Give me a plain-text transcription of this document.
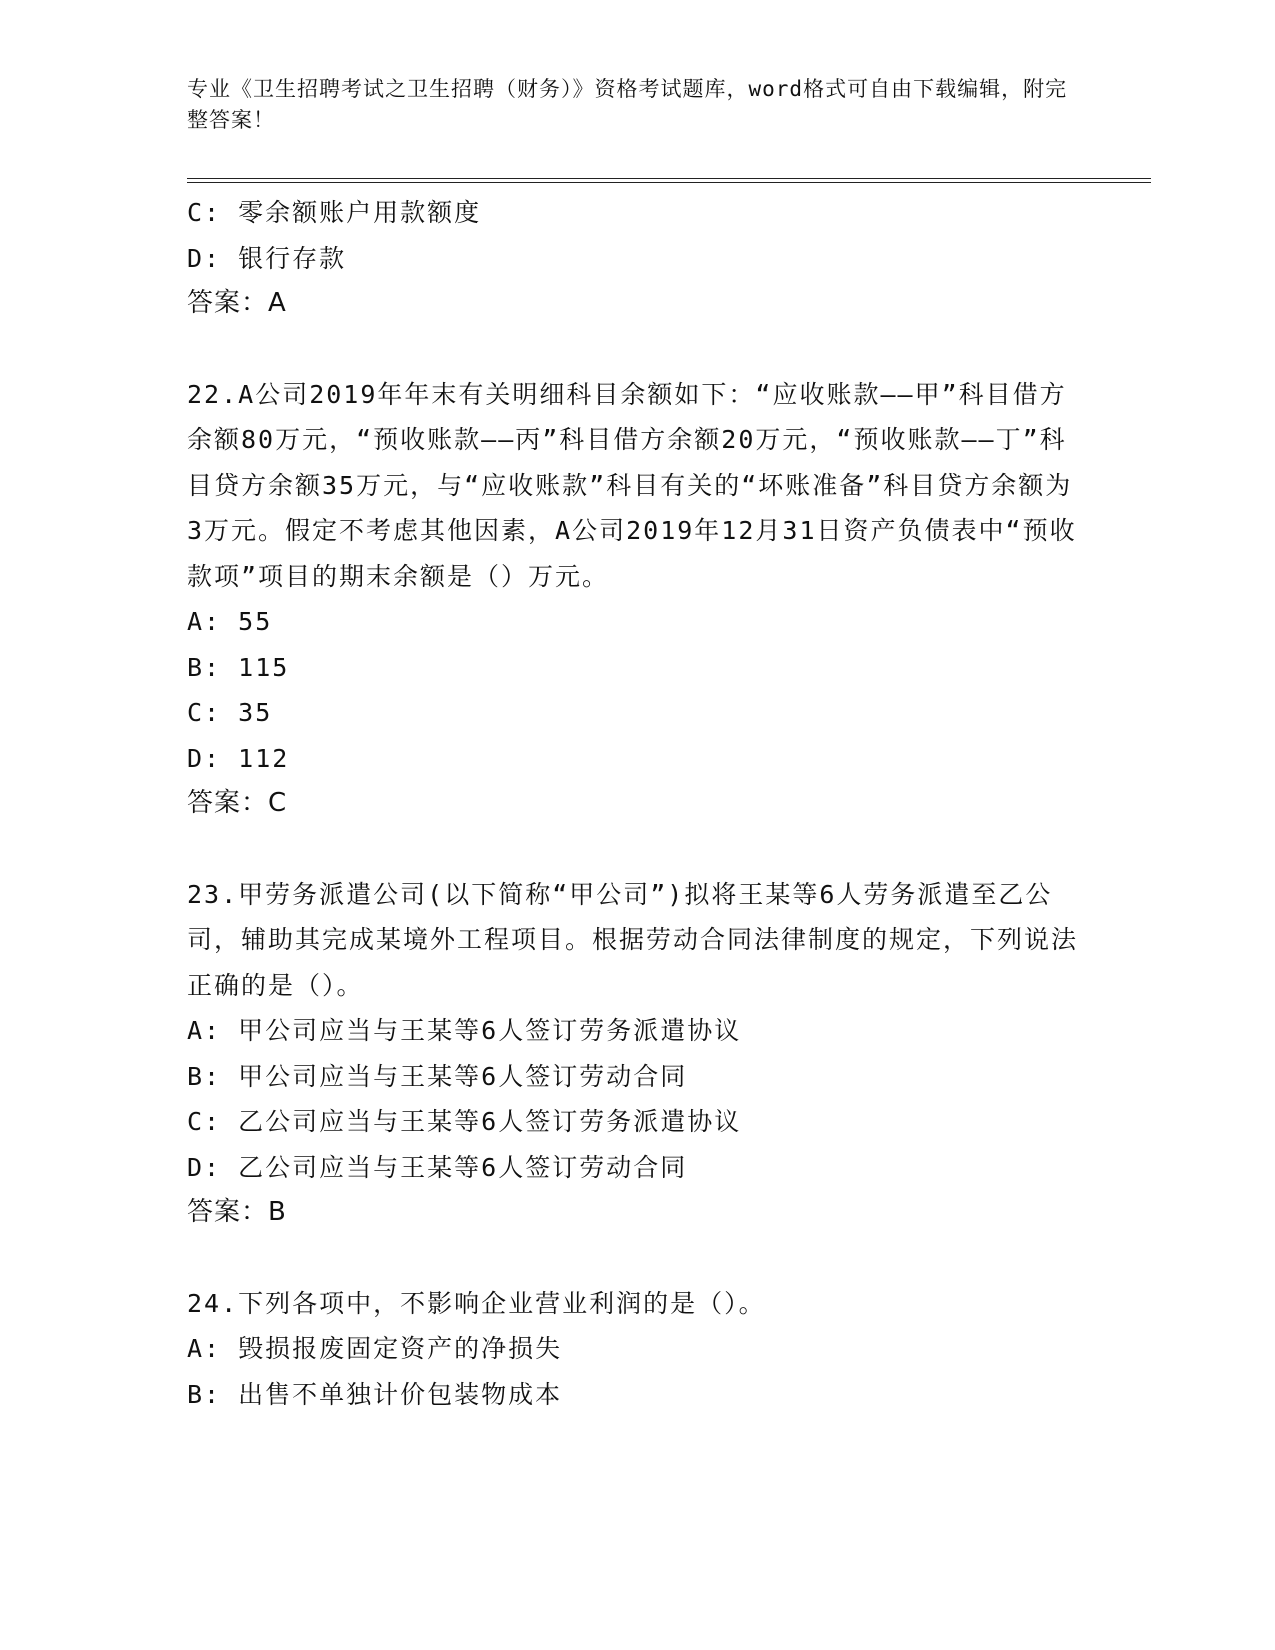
专业《卫生招聘考试之卫生招聘（财务）》资格考试题库，word格式可自由下载编辑，附完整答案！
C: 零余额账户用款额度
D: 银行存款
答案：A
22.A公司2019年年末有关明细科目余额如下：“应收账款——甲”科目借方余额80万元，“预收账款——丙”科目借方余额20万元，“预收账款——丁”科目贷方余额35万元，与“应收账款”科目有关的“坏账准备”科目贷方余额为3万元。假定不考虑其他因素，A公司2019年12月31日资产负债表中“预收款项”项目的期末余额是（）万元。
A: 55
B: 115
C: 35
D: 112
答案：C
23.甲劳务派遣公司(以下简称“甲公司”)拟将王某等6人劳务派遣至乙公司，辅助其完成某境外工程项目。根据劳动合同法律制度的规定，下列说法正确的是（）。
A: 甲公司应当与王某等6人签订劳务派遣协议
B: 甲公司应当与王某等6人签订劳动合同
C: 乙公司应当与王某等6人签订劳务派遣协议
D: 乙公司应当与王某等6人签订劳动合同
答案：B
24.下列各项中，不影响企业营业利润的是（）。
A: 毁损报废固定资产的净损失
B: 出售不单独计价包装物成本
